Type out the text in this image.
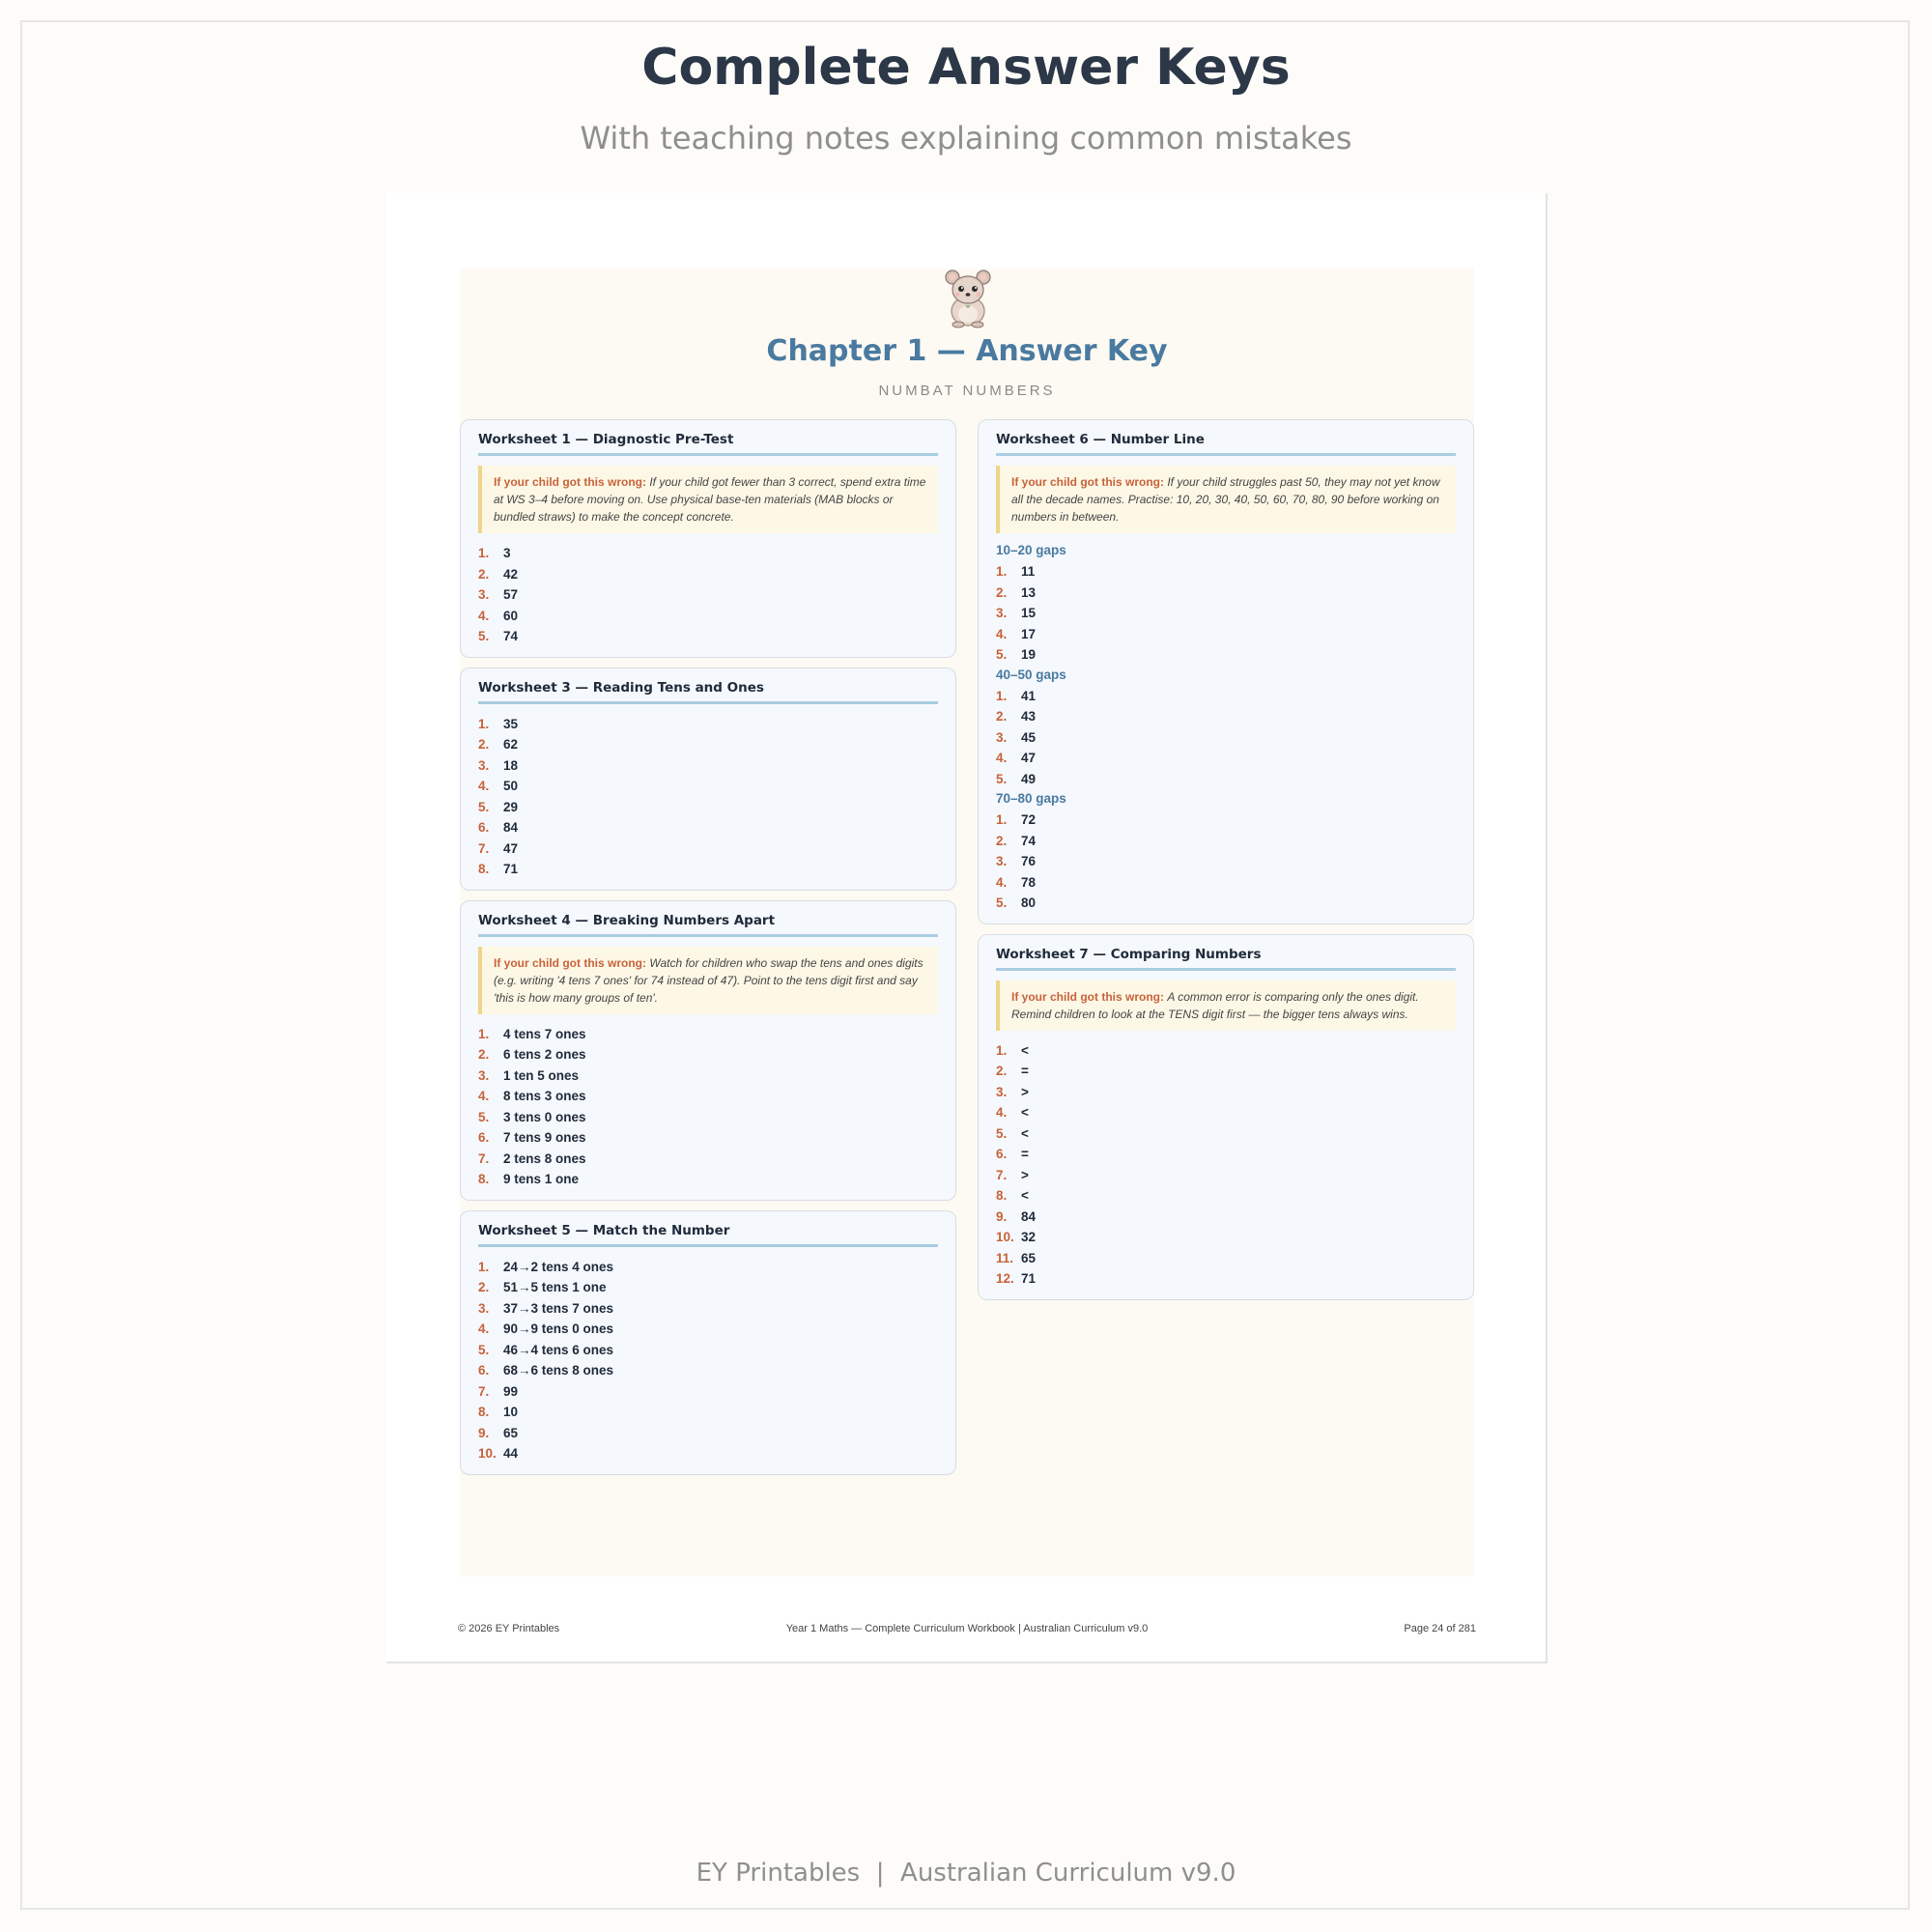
Complete Answer Keys

With teaching notes explaining common mistakes

Chapter 1 — Answer Key
NUMBAT NUMBERS
Worksheet 1 — Diagnostic Pre-Test
If your child got this wrong: If your child got fewer than 3 correct, spend extra time at WS 3–4 before moving on. Use physical base-ten materials (MAB blocks or bundled straws) to make the concept concrete.
1.	3
2.	42
3.	57
4.	60
5.	74
Worksheet 3 — Reading Tens and Ones
1.	35
2.	62
3.	18
4.	50
5.	29
6.	84
7.	47
8.	71
Worksheet 4 — Breaking Numbers Apart
If your child got this wrong: Watch for children who swap the tens and ones digits (e.g. writing '4 tens 7 ones' for 74 instead of 47). Point to the tens digit first and say 'this is how many groups of ten'.
1.	4 tens 7 ones
2.	6 tens 2 ones
3.	1 ten 5 ones
4.	8 tens 3 ones
5.	3 tens 0 ones
6.	7 tens 9 ones
7.	2 tens 8 ones
8.	9 tens 1 one
Worksheet 5 — Match the Number
1.	24→2 tens 4 ones
2.	51→5 tens 1 one
3.	37→3 tens 7 ones
4.	90→9 tens 0 ones
5.	46→4 tens 6 ones
6.	68→6 tens 8 ones
7.	99
8.	10
9.	65
10. 44
Worksheet 6 — Number Line
If your child got this wrong: If your child struggles past 50, they may not yet know all the decade names. Practise: 10, 20, 30, 40, 50, 60, 70, 80, 90 before working on numbers in between.
10–20 gaps
1.	11
2.	13
3.	15
4.	17
5.	19
40–50 gaps
1.	41
2.	43
3.	45
4.	47
5.	49
70–80 gaps
1.	72
2.	74
3.	76
4.	78
5.	80
Worksheet 7 — Comparing Numbers
If your child got this wrong: A common error is comparing only the ones digit. Remind children to look at the TENS digit first — the bigger tens always wins.
1.	<
2.	=
3.	>
4.	<
5.	<
6.	=
7.	>
8.	<
9.	84
10. 32
11. 65
12. 71
© 2026 EY Printables	Year 1 Maths — Complete Curriculum Workbook | Australian Curriculum v9.0	Page 24 of 281
EY Printables  |  Australian Curriculum v9.0
